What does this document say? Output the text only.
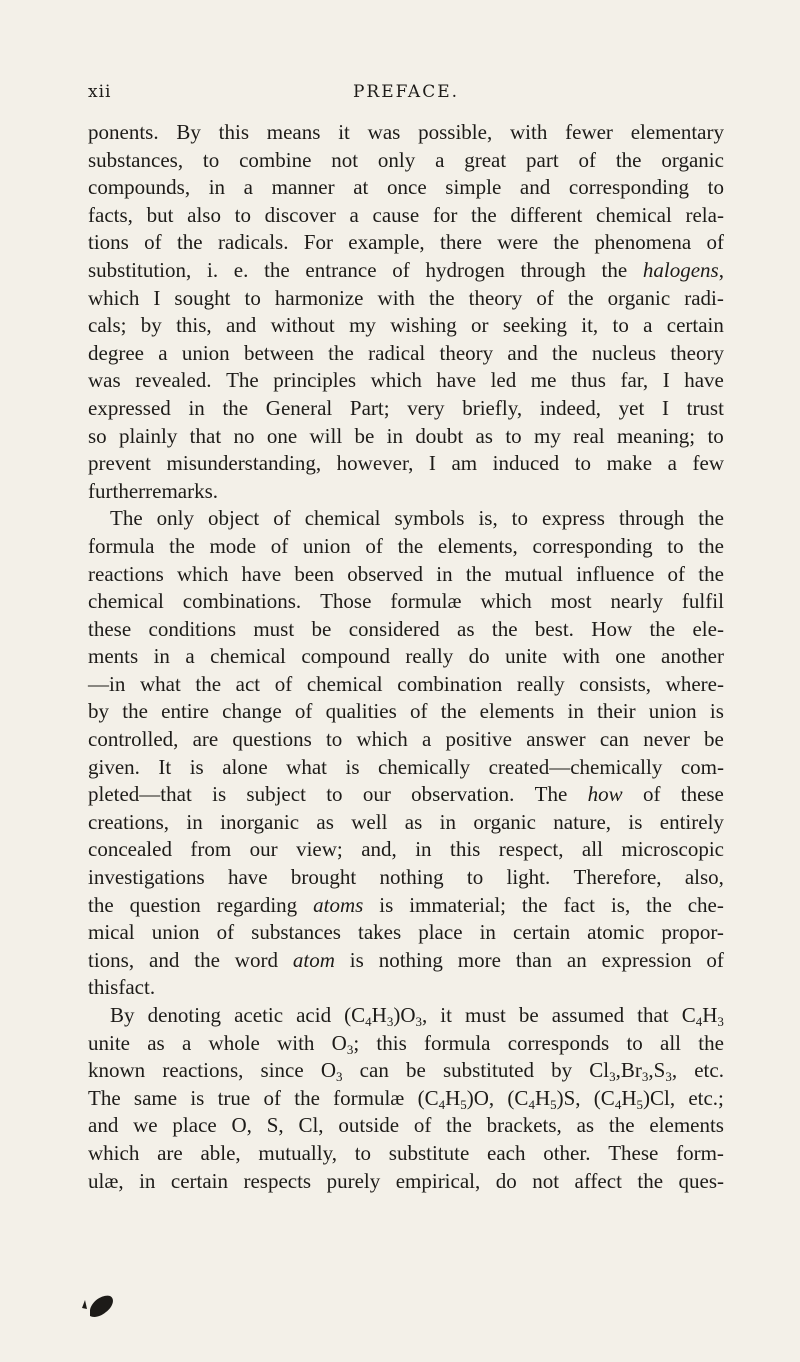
xii	PREFACE.
ponents. By this means it was possible, with fewer elementary
substances, to combine not only a great part of the organic
compounds, in a manner at once simple and corresponding to
facts, but also to discover a cause for the different chemical rela-
tions of the radicals. For example, there were the phenomena of
substitution, i. e. the entrance of hydrogen through the halogens,
which I sought to harmonize with the theory of the organic radi-
cals; by this, and without my wishing or seeking it, to a certain
degree a union between the radical theory and the nucleus theory
was revealed. The principles which have led me thus far, I have
expressed in the General Part; very briefly, indeed, yet I trust
so plainly that no one will be in doubt as to my real meaning; to
prevent misunderstanding, however, I am induced to make a few
further remarks.
The only object of chemical symbols is, to express through the
formula the mode of union of the elements, corresponding to the
reactions which have been observed in the mutual influence of the
chemical combinations. Those formulæ which most nearly fulfil
these conditions must be considered as the best. How the ele-
ments in a chemical compound really do unite with one another
—in what the act of chemical combination really consists, where-
by the entire change of qualities of the elements in their union is
controlled, are questions to which a positive answer can never be
given. It is alone what is chemically created—chemically com-
pleted—that is subject to our observation. The how of these
creations, in inorganic as well as in organic nature, is entirely
concealed from our view; and, in this respect, all microscopic
investigations have brought nothing to light. Therefore, also,
the question regarding atoms is immaterial; the fact is, the che-
mical union of substances takes place in certain atomic propor-
tions, and the word atom is nothing more than an expression of
this fact.
By denoting acetic acid $(C_4H_3)O_3$, it must be assumed that $C_4H_3$
unite as a whole with $O_3$; this formula corresponds to all the
known reactions, since $O_3$ can be substituted by $Cl_3,Br_3,S_3$, etc.
The same is true of the formulæ $(C_4H_5)O$, $(C_4H_5)S$, $(C_4H_5)Cl$, etc.;
and we place O, S, Cl, outside of the brackets, as the elements
which are able, mutually, to substitute each other. These form-
ulæ, in certain respects purely empirical, do not affect the ques-
